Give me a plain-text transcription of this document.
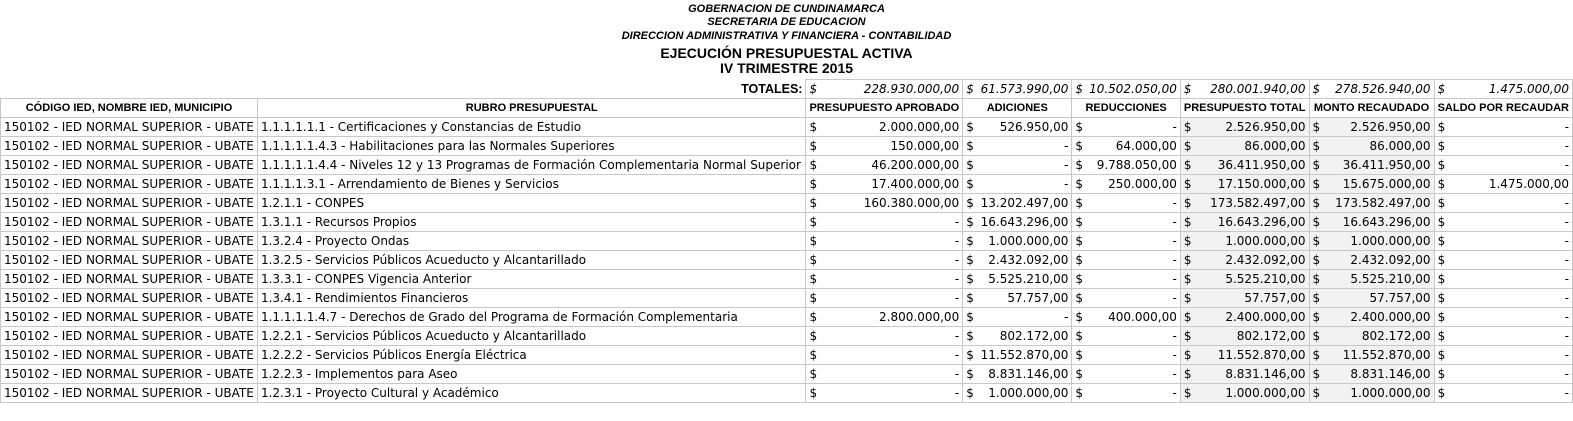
GOBERNACION DE CUNDINAMARCA
SECRETARIA DE EDUCACION
DIRECCION ADMINISTRATIVA Y FINANCIERA - CONTABILIDAD
EJECUCIÓN PRESUPUESTAL ACTIVA
IV TRIMESTRE 2015
	TOTALES:	$ 228.930.000,00	$ 61.573.990,00	$ 10.502.050,00	$ 280.001.940,00	$ 278.526.940,00	$ 1.475.000,00

CÓDIGO IED, NOMBRE IED, MUNICIPIO	RUBRO PRESUPUESTAL	PRESUPUESTO APROBADO	ADICIONES	REDUCCIONES	PRESUPUESTO TOTAL	MONTO RECAUDADO	SALDO POR RECAUDAR
150102 - IED NORMAL SUPERIOR - UBATE	1.1.1.1.1.1 - Certificaciones y Constancias de Estudio	$ 2.000.000,00	$ 526.950,00	$ -	$ 2.526.950,00	$ 2.526.950,00	$ -

150102 - IED NORMAL SUPERIOR - UBATE	1.1.1.1.1.4.3 - Habilitaciones para las Normales Superiores	$ 150.000,00	$ -	$ 64.000,00	$ 86.000,00	$ 86.000,00	$ -

150102 - IED NORMAL SUPERIOR - UBATE	1.1.1.1.1.4.4 - Niveles 12 y 13 Programas de Formación Complementaria Normal Superior	$ 46.200.000,00	$ -	$ 9.788.050,00	$ 36.411.950,00	$ 36.411.950,00	$ -

150102 - IED NORMAL SUPERIOR - UBATE	1.1.1.1.3.1 - Arrendamiento de Bienes y Servicios	$ 17.400.000,00	$ -	$ 250.000,00	$ 17.150.000,00	$ 15.675.000,00	$ 1.475.000,00

150102 - IED NORMAL SUPERIOR - UBATE	1.2.1.1 - CONPES	$ 160.380.000,00	$ 13.202.497,00	$ -	$ 173.582.497,00	$ 173.582.497,00	$ -

150102 - IED NORMAL SUPERIOR - UBATE	1.3.1.1 - Recursos Propios	$ -	$ 16.643.296,00	$ -	$ 16.643.296,00	$ 16.643.296,00	$ -

150102 - IED NORMAL SUPERIOR - UBATE	1.3.2.4 - Proyecto Ondas	$ -	$ 1.000.000,00	$ -	$ 1.000.000,00	$ 1.000.000,00	$ -

150102 - IED NORMAL SUPERIOR - UBATE	1.3.2.5 - Servicios Públicos Acueducto y Alcantarillado	$ -	$ 2.432.092,00	$ -	$ 2.432.092,00	$ 2.432.092,00	$ -

150102 - IED NORMAL SUPERIOR - UBATE	1.3.3.1 - CONPES Vigencia Anterior	$ -	$ 5.525.210,00	$ -	$ 5.525.210,00	$ 5.525.210,00	$ -

150102 - IED NORMAL SUPERIOR - UBATE	1.3.4.1 - Rendimientos Financieros	$ -	$ 57.757,00	$ -	$ 57.757,00	$ 57.757,00	$ -

150102 - IED NORMAL SUPERIOR - UBATE	1.1.1.1.1.4.7 - Derechos de Grado del Programa de Formación Complementaria	$ 2.800.000,00	$ -	$ 400.000,00	$ 2.400.000,00	$ 2.400.000,00	$ -

150102 - IED NORMAL SUPERIOR - UBATE	1.2.2.1 - Servicios Públicos Acueducto y Alcantarillado	$ -	$ 802.172,00	$ -	$ 802.172,00	$ 802.172,00	$ -

150102 - IED NORMAL SUPERIOR - UBATE	1.2.2.2 - Servicios Públicos Energía Eléctrica	$ -	$ 11.552.870,00	$ -	$ 11.552.870,00	$ 11.552.870,00	$ -

150102 - IED NORMAL SUPERIOR - UBATE	1.2.2.3 - Implementos para Aseo	$ -	$ 8.831.146,00	$ -	$ 8.831.146,00	$ 8.831.146,00	$ -

150102 - IED NORMAL SUPERIOR - UBATE	1.2.3.1 - Proyecto Cultural y Académico	$ -	$ 1.000.000,00	$ -	$ 1.000.000,00	$ 1.000.000,00	$ -
